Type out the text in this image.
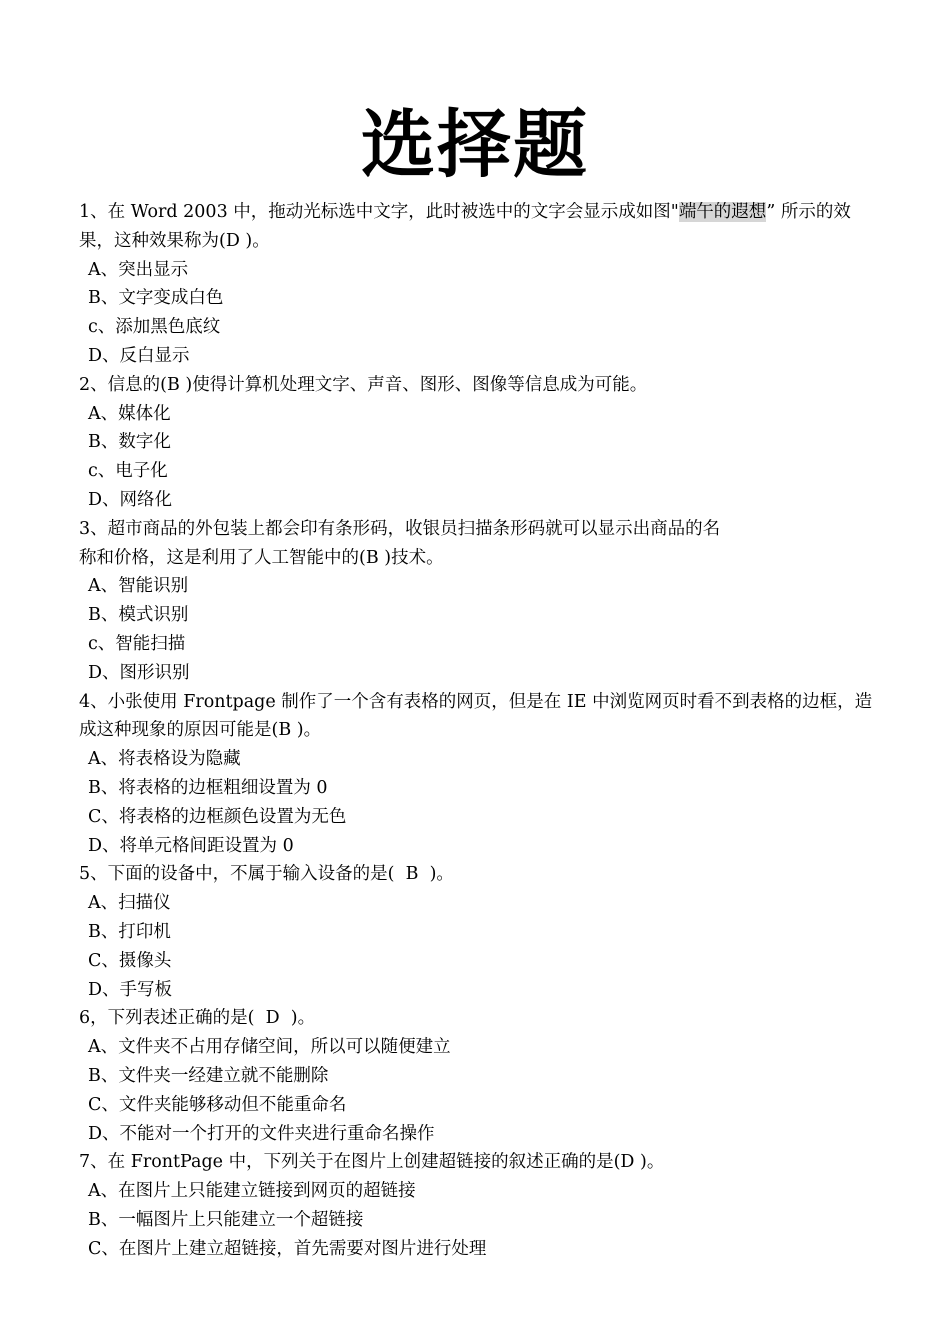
选择题

1、在 Word 2003 中，拖动光标选中文字，此时被选中的文字会显示成如图"端午的遐想” 所示的效果，这种效果称为(D )。

A、突出显示

B、文字变成白色

c、添加黑色底纹

D、反白显示

2、信息的(B )使得计算机处理文字、声音、图形、图像等信息成为可能。

A、媒体化

B、数字化

c、电子化

D、网络化

3、超市商品的外包装上都会印有条形码，收银员扫描条形码就可以显示出商品的名
称和价格，这是利用了人工智能中的(B )技术。

A、智能识别

B、模式识别

c、智能扫描

D、图形识别

4、小张使用 Frontpage 制作了一个含有表格的网页，但是在 IE 中浏览网页时看不到表格的边框，造成这种现象的原因可能是(B )。

A、将表格设为隐藏

B、将表格的边框粗细设置为 0

C、将表格的边框颜色设置为无色

D、将单元格间距设置为 0

5、下面的设备中，不属于输入设备的是(  B  )。

A、扫描仪

B、打印机

C、摄像头

D、手写板

6，下列表述正确的是(  D  )。

A、文件夹不占用存储空间，所以可以随便建立

B、文件夹一经建立就不能删除

C、文件夹能够移动但不能重命名

D、不能对一个打开的文件夹进行重命名操作

7、在 FrontPage 中，下列关于在图片上创建超链接的叙述正确的是(D )。

A、在图片上只能建立链接到网页的超链接

B、一幅图片上只能建立一个超链接

C、在图片上建立超链接，首先需要对图片进行处理
